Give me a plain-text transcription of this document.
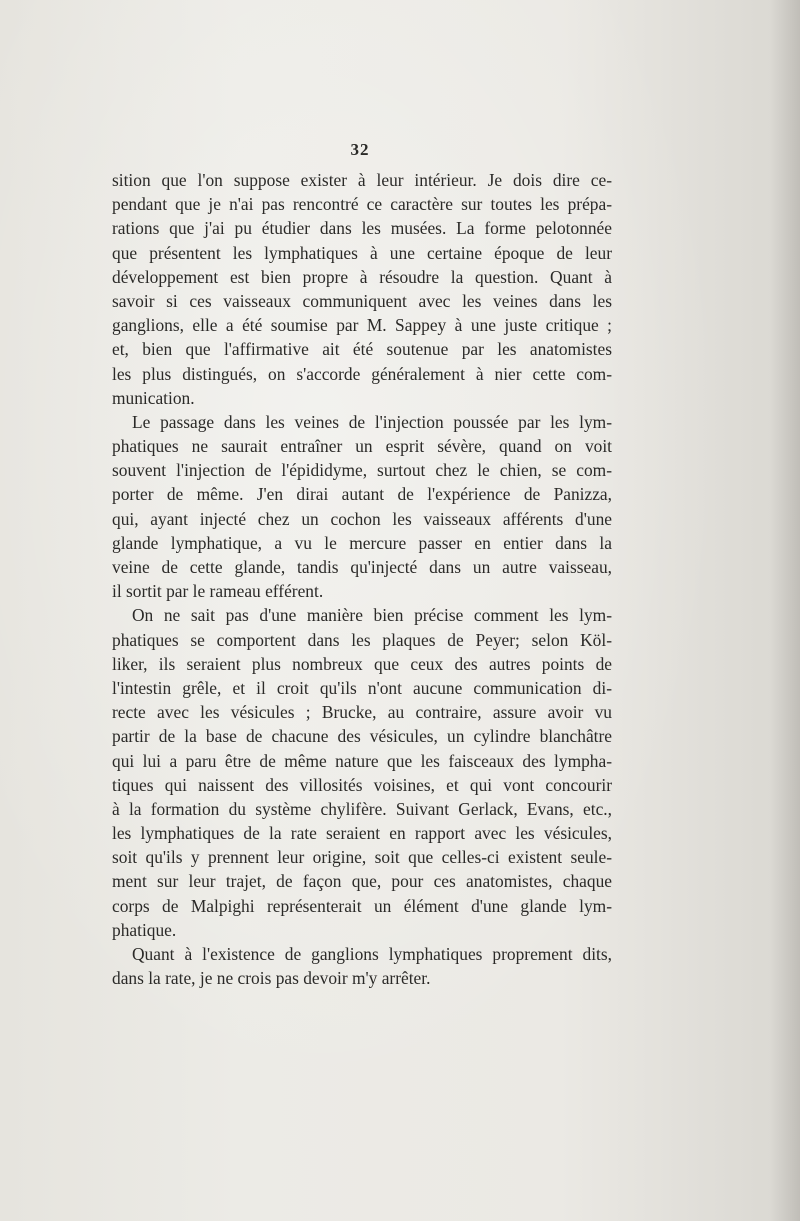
32
sition que l'on suppose exister à leur intérieur. Je dois dire ce-
pendant que je n'ai pas rencontré ce caractère sur toutes les prépa-
rations que j'ai pu étudier dans les musées. La forme pelotonnée
que présentent les lymphatiques à une certaine époque de leur
développement est bien propre à résoudre la question. Quant à
savoir si ces vaisseaux communiquent avec les veines dans les
ganglions, elle a été soumise par M. Sappey à une juste critique ;
et, bien que l'affirmative ait été soutenue par les anatomistes
les plus distingués, on s'accorde généralement à nier cette com-
munication.
Le passage dans les veines de l'injection poussée par les lym-
phatiques ne saurait entraîner un esprit sévère, quand on voit
souvent l'injection de l'épididyme, surtout chez le chien, se com-
porter de même. J'en dirai autant de l'expérience de Panizza,
qui, ayant injecté chez un cochon les vaisseaux afférents d'une
glande lymphatique, a vu le mercure passer en entier dans la
veine de cette glande, tandis qu'injecté dans un autre vaisseau,
il sortit par le rameau efférent.
On ne sait pas d'une manière bien précise comment les lym-
phatiques se comportent dans les plaques de Peyer; selon Köl-
liker, ils seraient plus nombreux que ceux des autres points de
l'intestin grêle, et il croit qu'ils n'ont aucune communication di-
recte avec les vésicules ; Brucke, au contraire, assure avoir vu
partir de la base de chacune des vésicules, un cylindre blanchâtre
qui lui a paru être de même nature que les faisceaux des lympha-
tiques qui naissent des villosités voisines, et qui vont concourir
à la formation du système chylifère. Suivant Gerlack, Evans, etc.,
les lymphatiques de la rate seraient en rapport avec les vésicules,
soit qu'ils y prennent leur origine, soit que celles-ci existent seule-
ment sur leur trajet, de façon que, pour ces anatomistes, chaque
corps de Malpighi représenterait un élément d'une glande lym-
phatique.
Quant à l'existence de ganglions lymphatiques proprement dits,
dans la rate, je ne crois pas devoir m'y arrêter.
